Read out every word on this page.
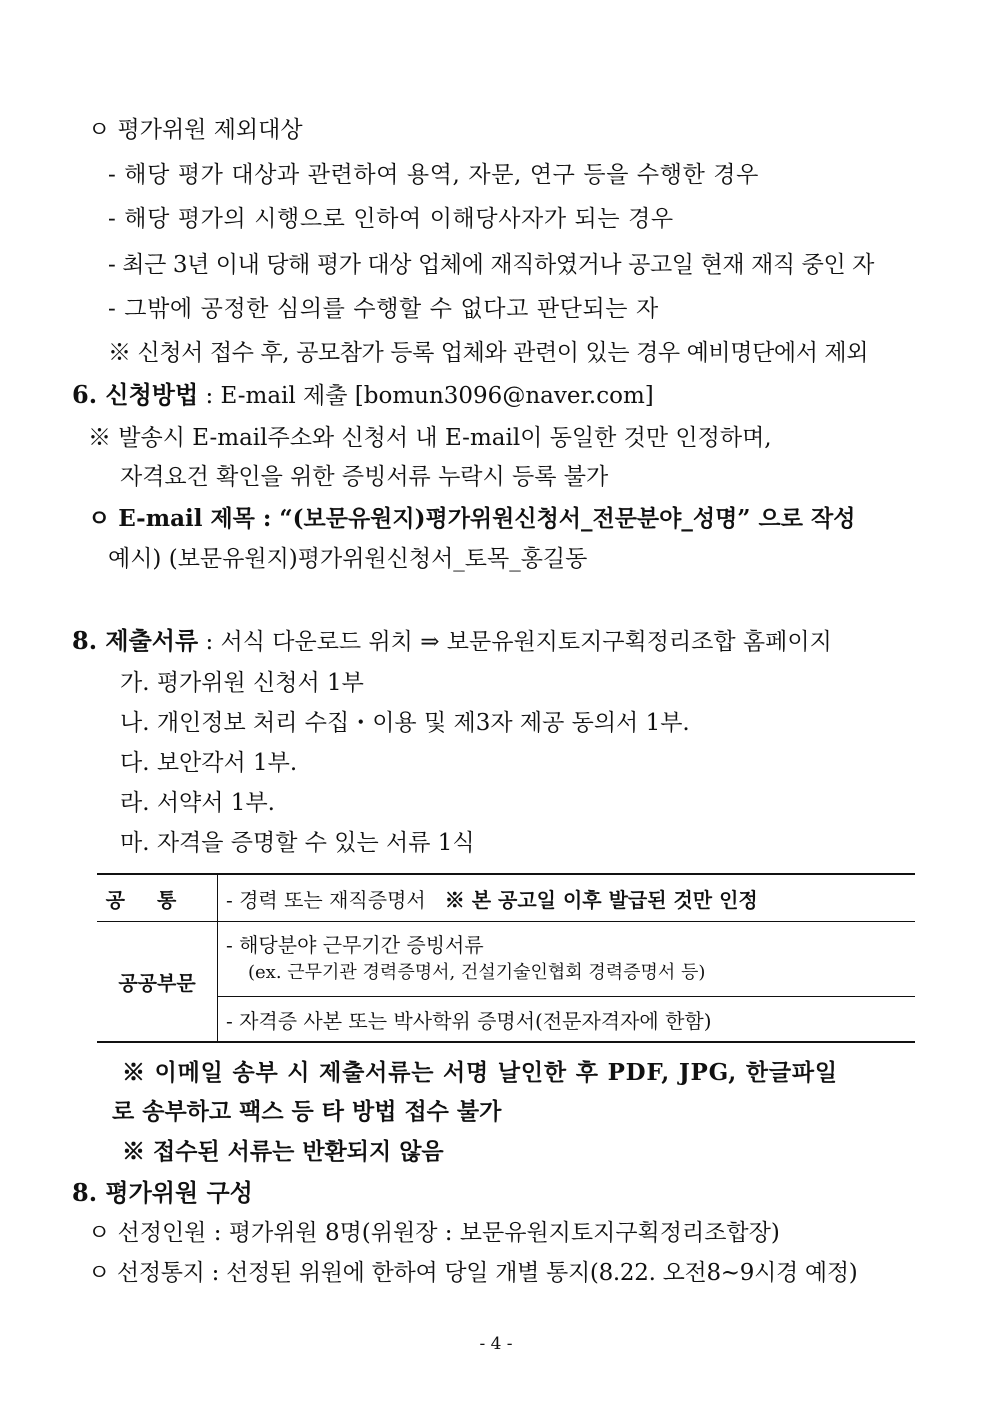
ㅇ 평가위원 제외대상
- 해당 평가 대상과 관련하여 용역, 자문, 연구 등을 수행한 경우
- 해당 평가의 시행으로 인하여 이해당사자가 되는 경우
- 최근 3년 이내 당해 평가 대상 업체에 재직하였거나 공고일 현재 재직 중인 자
- 그밖에 공정한 심의를 수행할 수 없다고 판단되는 자
※ 신청서 접수 후, 공모참가 등록 업체와 관련이 있는 경우 예비명단에서 제외
6. 신청방법 : E-mail 제출 [bomun3096@naver.com]
※ 발송시 E-mail주소와 신청서 내 E-mail이 동일한 것만 인정하며,
자격요건 확인을 위한 증빙서류 누락시 등록 불가
ㅇ E-mail 제목 : “(보문유원지)평가위원신청서_전문분야_성명” 으로 작성
예시) (보문유원지)평가위원신청서_토목_홍길동
8. 제출서류 : 서식 다운로드 위치 ⇒ 보문유원지토지구획정리조합 홈페이지
가. 평가위원 신청서 1부
나. 개인정보 처리 수집・이용 및 제3자 제공 동의서 1부.
다. 보안각서 1부.
라. 서약서 1부.
마. 자격을 증명할 수 있는 서류 1식
공통	- 경력 또는 재직증명서 ※ 본 공고일 이후 발급된 것만 인정
공공부문	- 해당분야 근무기간 증빙서류
(ex. 근무기관 경력증명서, 건설기술인협회 경력증명서 등)

	- 자격증 사본 또는 박사학위 증명서(전문자격자에 한함)
※ 이메일 송부 시 제출서류는 서명 날인한 후 PDF, JPG, 한글파일
로 송부하고 팩스 등 타 방법 접수 불가
※ 접수된 서류는 반환되지 않음
8. 평가위원 구성
ㅇ 선정인원 : 평가위원 8명(위원장 : 보문유원지토지구획정리조합장)
ㅇ 선정통지 : 선정된 위원에 한하여 당일 개별 통지(8.22. 오전8~9시경 예정)
- 4 -
